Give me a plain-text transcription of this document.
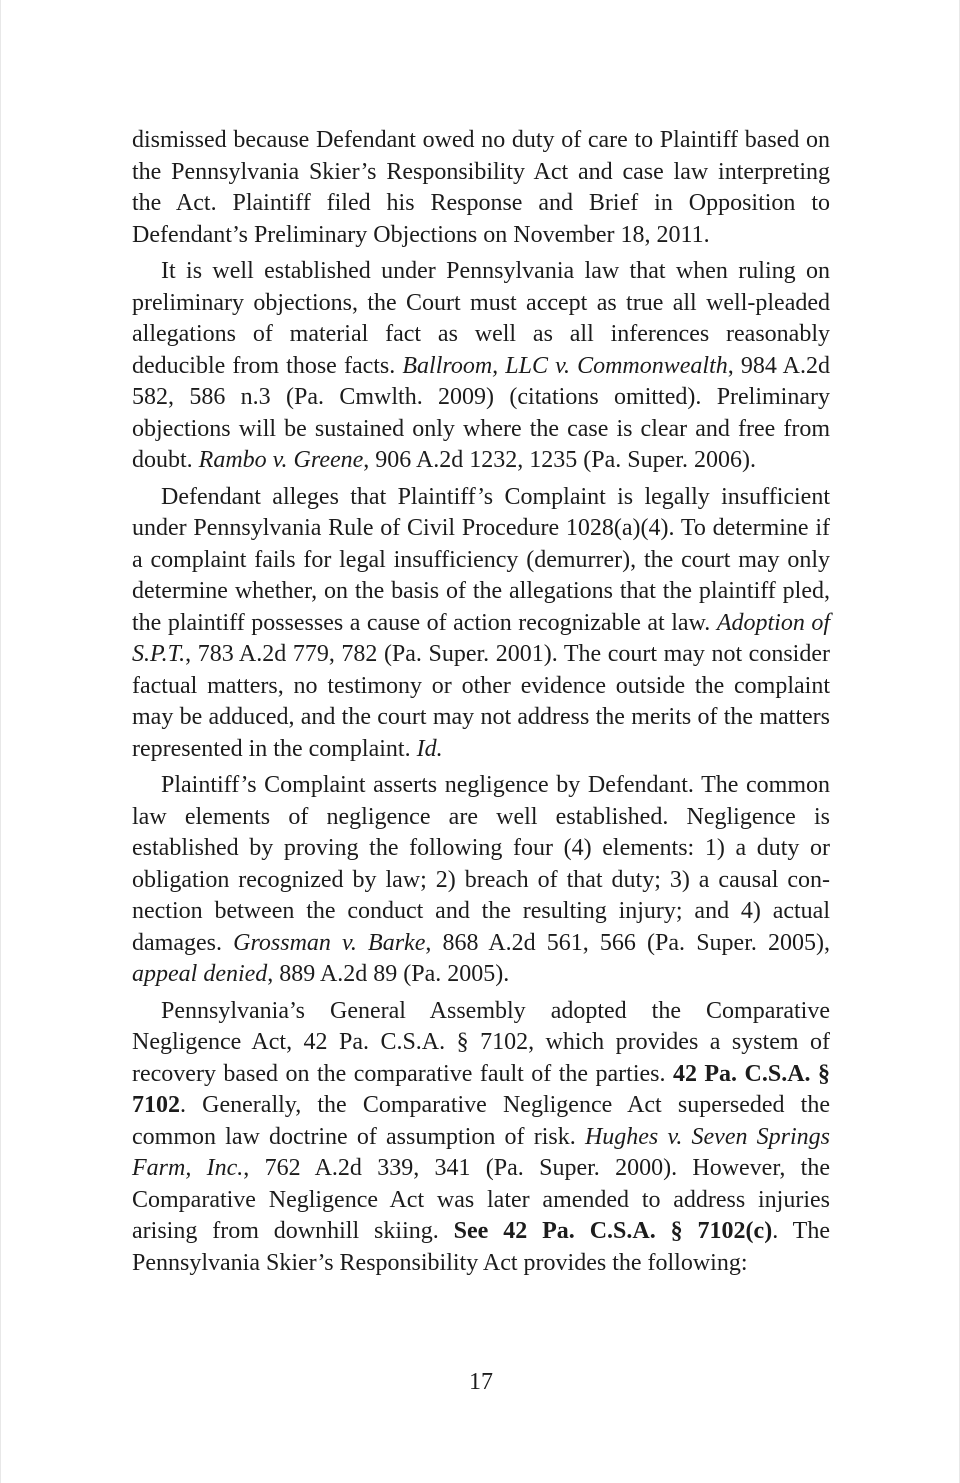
dismissed because Defendant owed no duty of care to Plaintiff based on the Pennsylvania Skier’s Responsibility Act and case law interpreting the Act. Plaintiff filed his Response and Brief in Opposition to Defendant’s Preliminary Objections on November 18, 2011.

It is well established under Pennsylvania law that when ruling on preliminary objections, the Court must accept as true all well-pleaded allegations of material fact as well as all inferences reasonably deducible from those facts. Ballroom, LLC v. Commonwealth, 984 A.2d 582, 586 n.3 (Pa. Cmwlth. 2009) (citations omitted). Preliminary objections will be sustained only where the case is clear and free from doubt. Rambo v. Greene, 906 A.2d 1232, 1235 (Pa. Super. 2006).

Defendant alleges that Plaintiff’s Complaint is legally insufficient under Pennsylvania Rule of Civil Procedure 1028(a)(4). To determine if a complaint fails for legal insufficiency (demurrer), the court may only determine whether, on the basis of the allegations that the plaintiff pled, the plaintiff possesses a cause of action recognizable at law. Adoption of S.P.T., 783 A.2d 779, 782 (Pa. Super. 2001). The court may not consider factual matters, no testimony or other evidence outside the complaint may be adduced, and the court may not address the merits of the matters represented in the complaint. Id.

Plaintiff’s Complaint asserts negligence by Defendant. The common law elements of negligence are well established. Negligence is established by proving the following four (4) elements: 1) a duty or obligation recognized by law; 2) breach of that duty; 3) a causal connection between the conduct and the resulting injury; and 4) actual damages. Grossman v. Barke, 868 A.2d 561, 566 (Pa. Super. 2005), appeal denied, 889 A.2d 89 (Pa. 2005).

Pennsylvania’s General Assembly adopted the Comparative Negligence Act, 42 Pa. C.S.A. § 7102, which provides a system of recovery based on the comparative fault of the parties. 42 Pa. C.S.A. § 7102. Generally, the Comparative Negligence Act superseded the common law doctrine of assumption of risk. Hughes v. Seven Springs Farm, Inc., 762 A.2d 339, 341 (Pa. Super. 2000). However, the Comparative Negligence Act was later amended to address injuries arising from downhill skiing. See 42 Pa. C.S.A. § 7102(c). The Pennsylvania Skier’s Responsibility Act provides the following:

17
